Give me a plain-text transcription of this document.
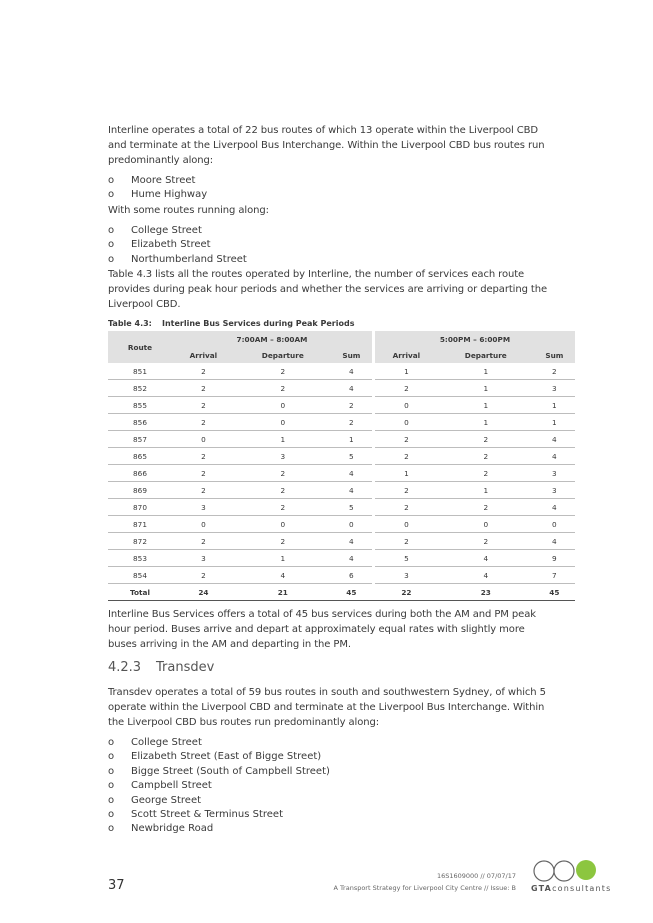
Interline operates a total of 22 bus routes of which 13 operate within the Liverpool CBD and terminate at the Liverpool Bus Interchange. Within the Liverpool CBD bus routes run predominantly along:

o Moore Street
o Hume Highway

With some routes running along:

o College Street
o Elizabeth Street
o Northumberland Street

Table 4.3 lists all the routes operated by Interline, the number of services each route provides during peak hour periods and whether the services are arriving or departing the Liverpool CBD.

Table 4.3: Interline Bus Services during Peak Periods
Route	7:00AM – 8:00AM				5:00PM – 6:00PM		
	Arrival	Departure	Sum		Arrival	Departure	Sum
851	2	2	4		1	1	2
852	2	2	4		2	1	3
855	2	0	2		0	1	1
856	2	0	2		0	1	1
857	0	1	1		2	2	4
865	2	3	5		2	2	4
866	2	2	4		1	2	3
869	2	2	4		2	1	3
870	3	2	5		2	2	4
871	0	0	0		0	0	0
872	2	2	4		2	2	4
853	3	1	4		5	4	9
854	2	4	6		3	4	7
Total	24	21	45		22	23	45

Interline Bus Services offers a total of 45 bus services during both the AM and PM peak hour period. Buses arrive and depart at approximately equal rates with slightly more buses arriving in the AM and departing in the PM.

4.2.3 Transdev

Transdev operates a total of 59 bus routes in south and southwestern Sydney, of which 5 operate within the Liverpool CBD and terminate at the Liverpool Bus Interchange. Within the Liverpool CBD bus routes run predominantly along:

o College Street
o Elizabeth Street (East of Bigge Street)
o Bigge Street (South of Campbell Street)
o Campbell Street
o George Street
o Scott Street & Terminus Street
o Newbridge Road
37
16S1609000 // 07/07/17
A Transport Strategy for Liverpool City Centre // Issue: B GTAconsultants
